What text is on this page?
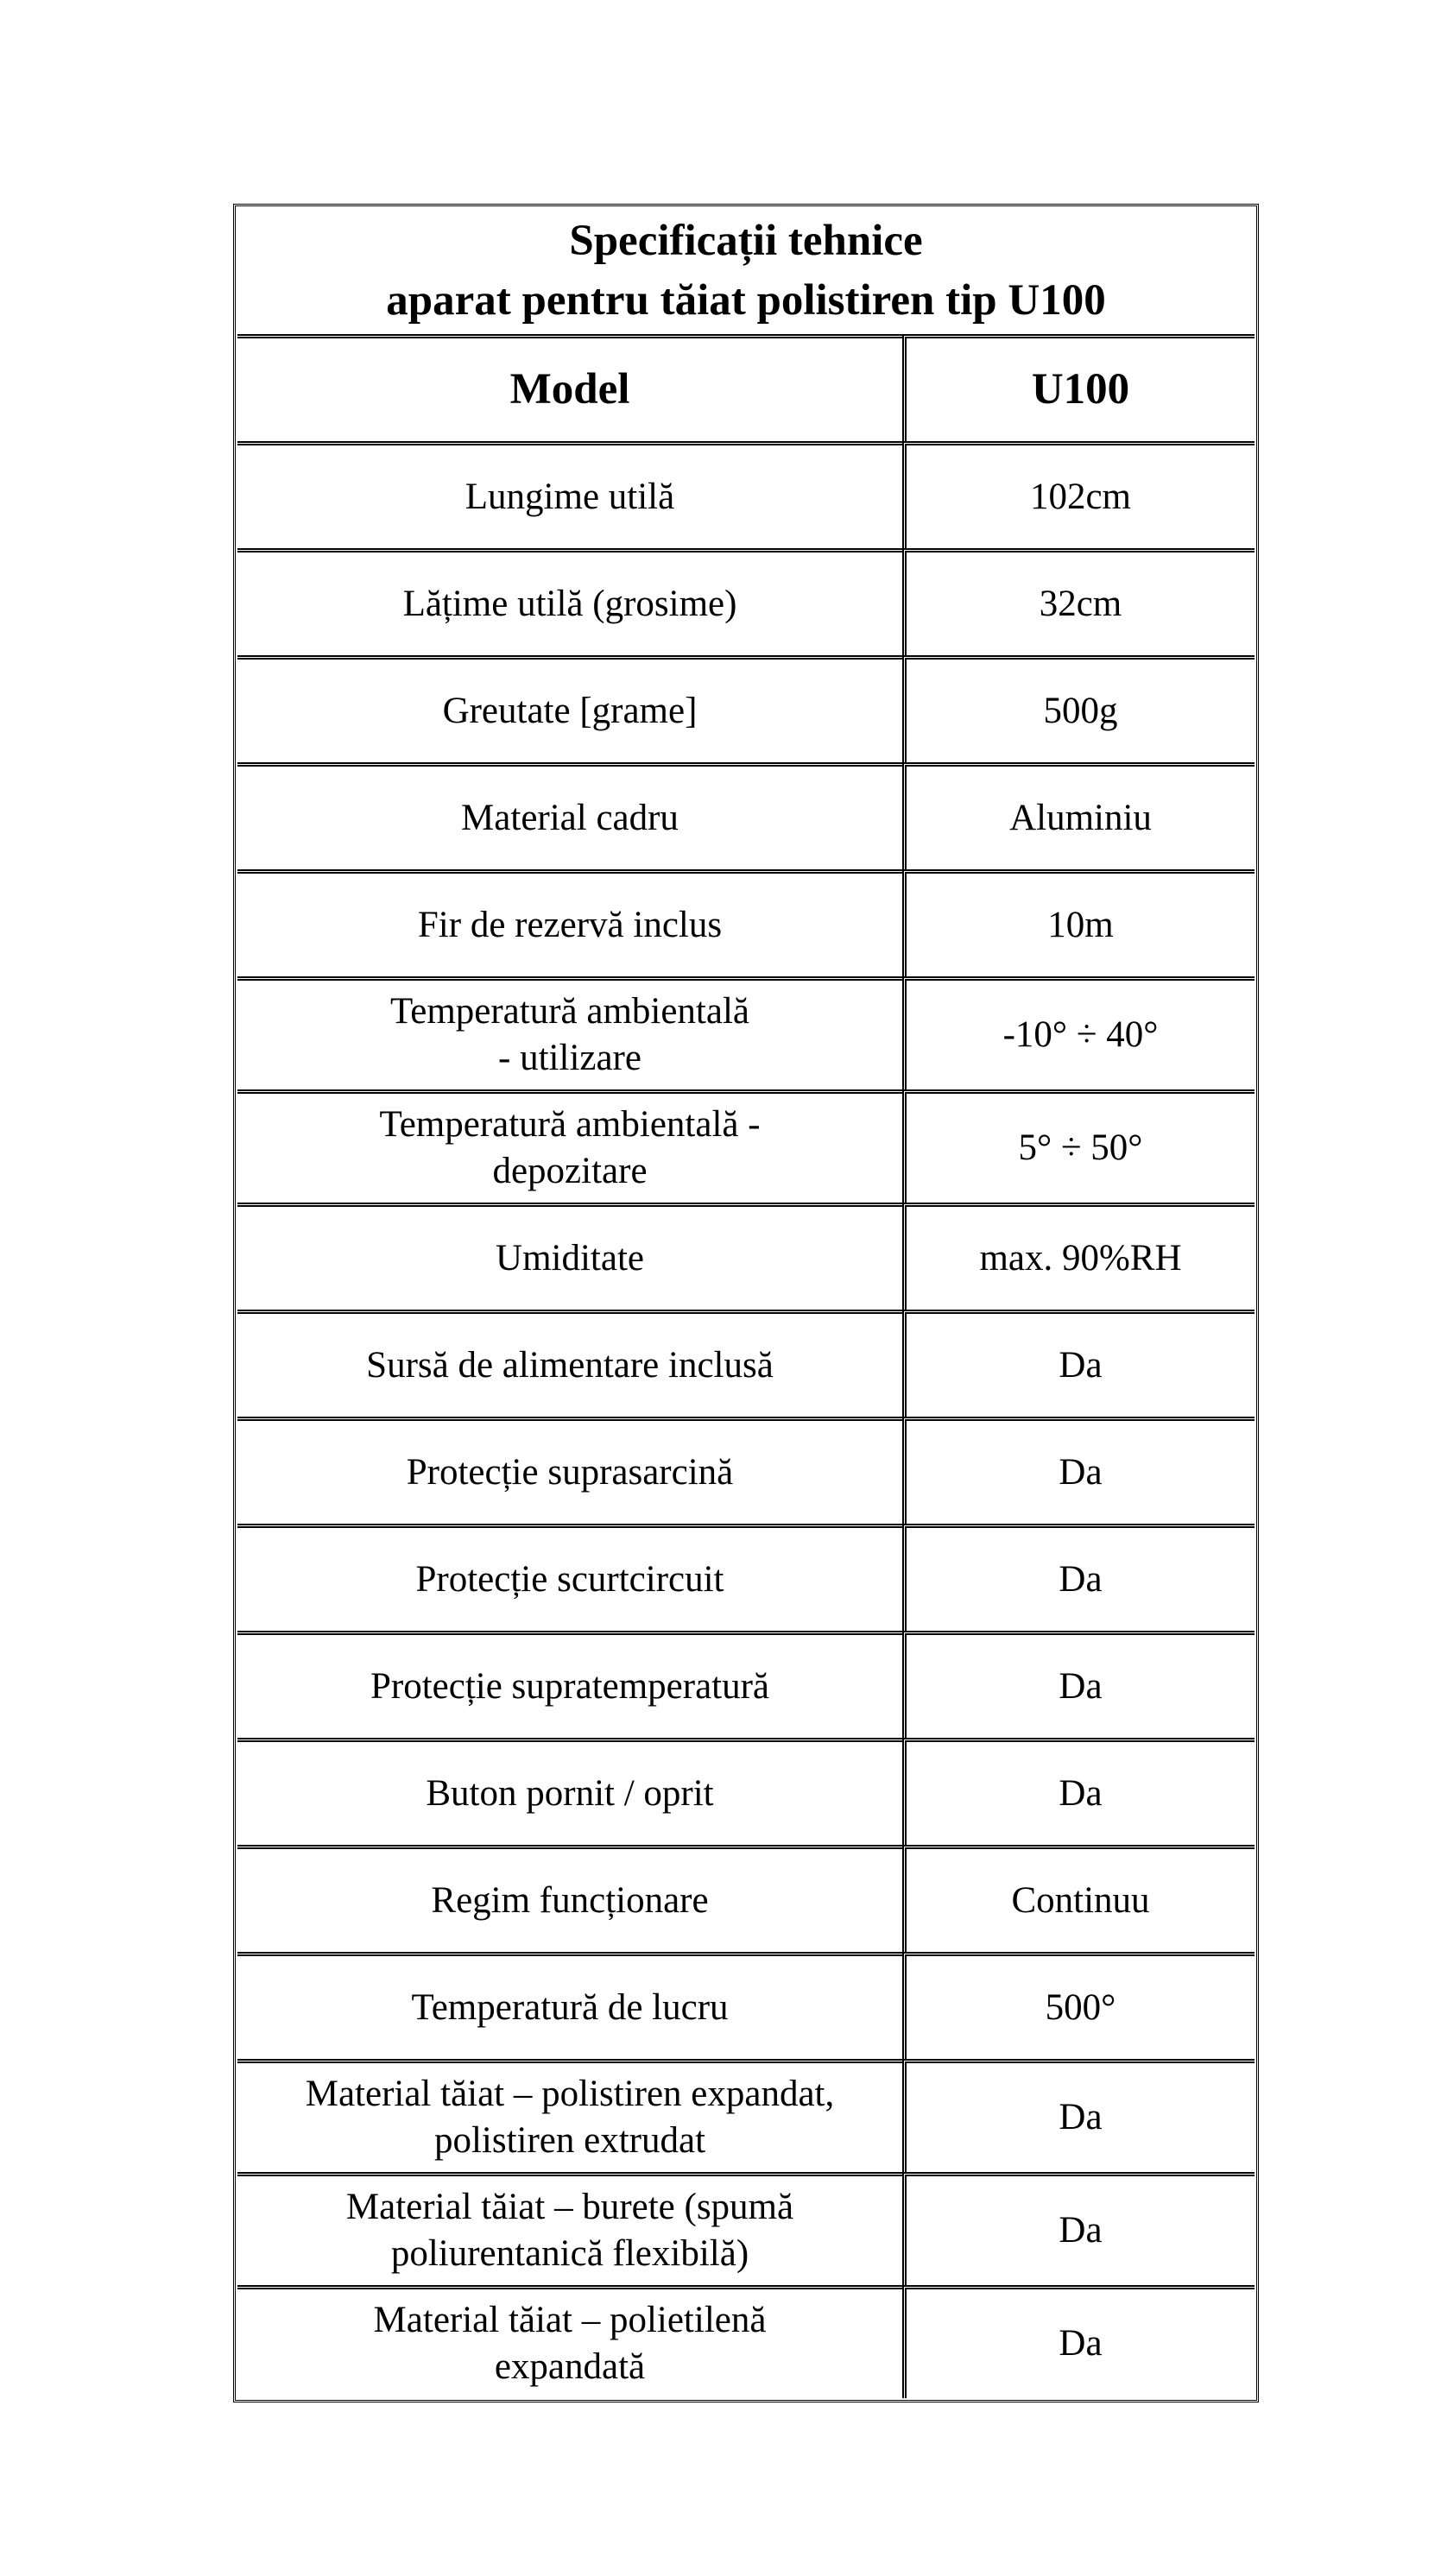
Specificații tehnice
aparat pentru tăiat polistiren tip U100	

Model	U100

Lungime utilă	102cm

Lățime utilă (grosime)	32cm

Greutate [grame]	500g

Material cadru	Aluminiu

Fir de rezervă inclus	10m

Temperatură ambientală
- utilizare	-10° ÷ 40°

Temperatură ambientală -
depozitare	5° ÷ 50°

Umiditate	max. 90%RH

Sursă de alimentare inclusă	Da

Protecție suprasarcină	Da

Protecție scurtcircuit	Da

Protecție supratemperatură	Da

Buton pornit / oprit	Da

Regim funcționare	Continuu

Temperatură de lucru	500°

Material tăiat – polistiren expandat,
polistiren extrudat	Da

Material tăiat – burete (spumă
poliurentanică flexibilă)	Da

Material tăiat – polietilenă
expandată	Da
